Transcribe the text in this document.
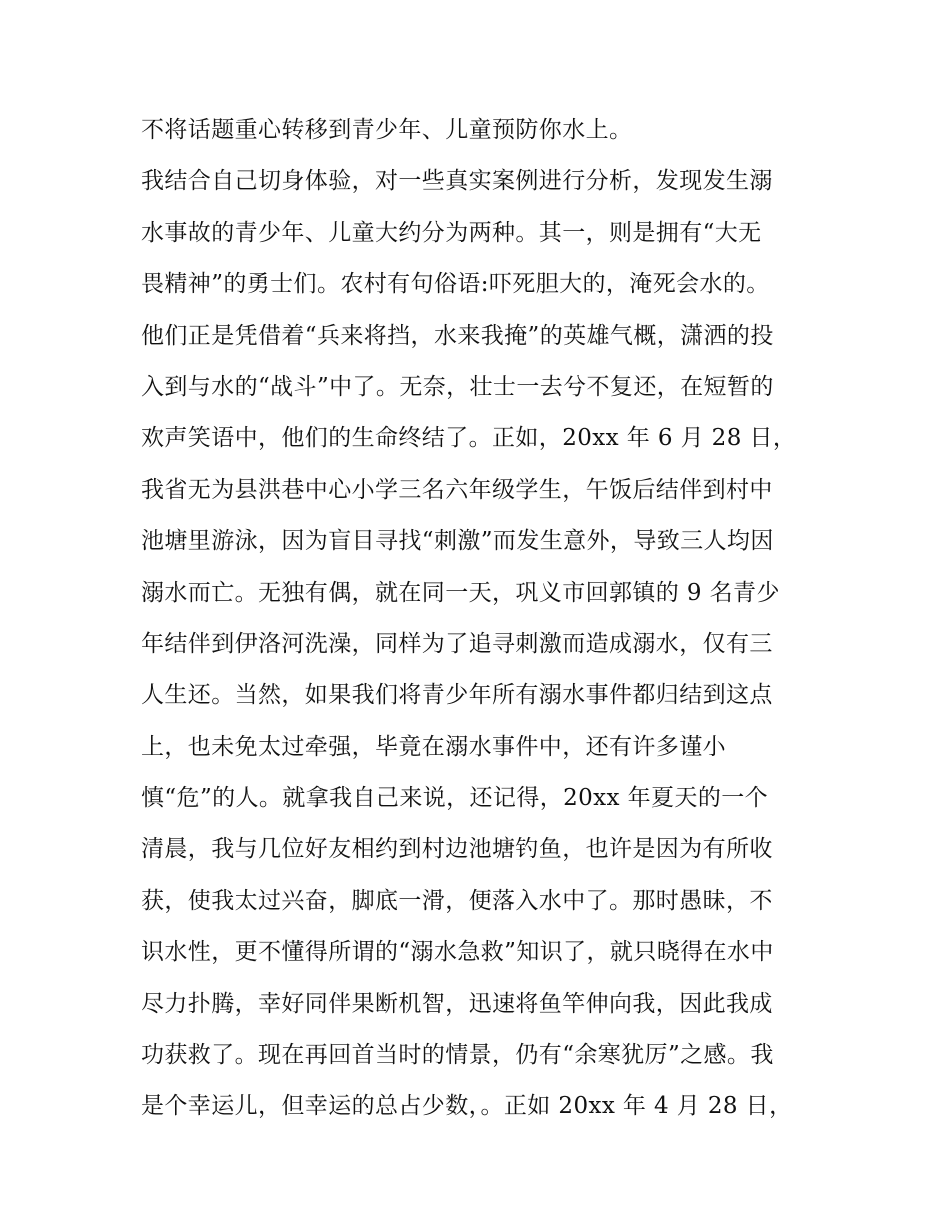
不将话题重心转移到青少年、儿童预防你水上。
我结合自己切身体验，对一些真实案例进行分析，发现发生溺
水事故的青少年、儿童大约分为两种。其一，则是拥有“大无
畏精神”的勇士们。农村有句俗语:吓死胆大的，淹死会水的。
他们正是凭借着“兵来将挡，水来我掩”的英雄气概，潇洒的投
入到与水的“战斗”中了。无奈，壮士一去兮不复还，在短暂的
欢声笑语中，他们的生命终结了。正如，20xx 年 6 月 28 日，
我省无为县洪巷中心小学三名六年级学生，午饭后结伴到村中
池塘里游泳，因为盲目寻找“刺激”而发生意外，导致三人均因
溺水而亡。无独有偶，就在同一天，巩义市回郭镇的 9 名青少
年结伴到伊洛河洗澡，同样为了追寻刺激而造成溺水，仅有三
人生还。当然，如果我们将青少年所有溺水事件都归结到这点
上，也未免太过牵强，毕竟在溺水事件中，还有许多谨小
慎“危”的人。就拿我自己来说，还记得，20xx 年夏天的一个
清晨，我与几位好友相约到村边池塘钓鱼，也许是因为有所收
获，使我太过兴奋，脚底一滑，便落入水中了。那时愚昧，不
识水性，更不懂得所谓的“溺水急救”知识了，就只晓得在水中
尽力扑腾，幸好同伴果断机智，迅速将鱼竿伸向我，因此我成
功获救了。现在再回首当时的情景，仍有“余寒犹厉”之感。我
是个幸运儿，但幸运的总占少数，。正如 20xx 年 4 月 28 日，
